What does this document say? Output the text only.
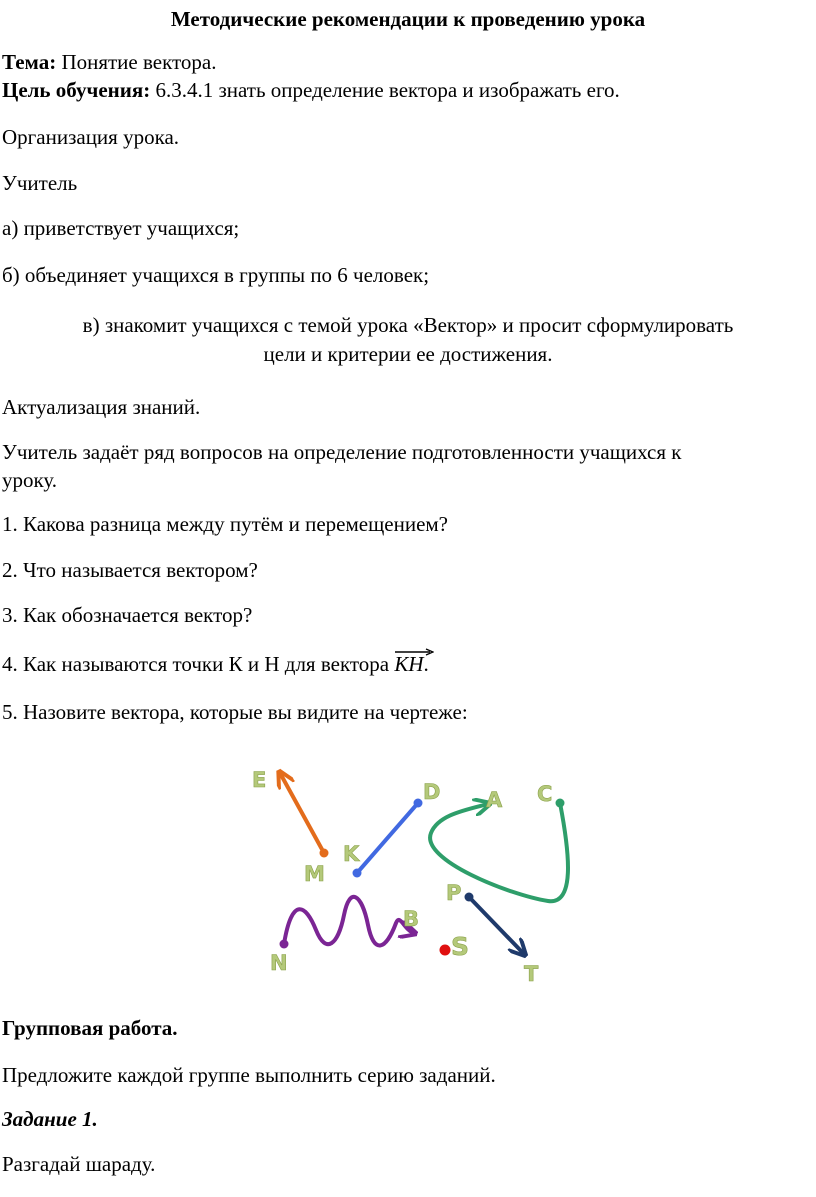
Методические рекомендации к проведению урока
Тема: Понятие вектора.
Цель обучения: 6.3.4.1 знать определение вектора и изображать его.
Организация урока.
Учитель
а) приветствует учащихся;
б) объединяет учащихся в группы по 6 человек;
в) знакомит учащихся с темой урока «Вектор» и просит сформулировать
цели и критерии ее достижения.
Актуализация знаний.
Учитель задаёт ряд вопросов на определение подготовленности учащихся к
уроку.
1. Какова разница между путём и перемещением?
2. Что называется вектором?
3. Как обозначается вектор?
4. Как называются точки К и Н для вектора
KH.
5. Назовите вектора, которые вы видите на чертеже:
E
M
K
D A C
N
B
P
T
S
Групповая работа.
Предложите каждой группе выполнить серию заданий.
Задание 1.
Разгадай шараду.
